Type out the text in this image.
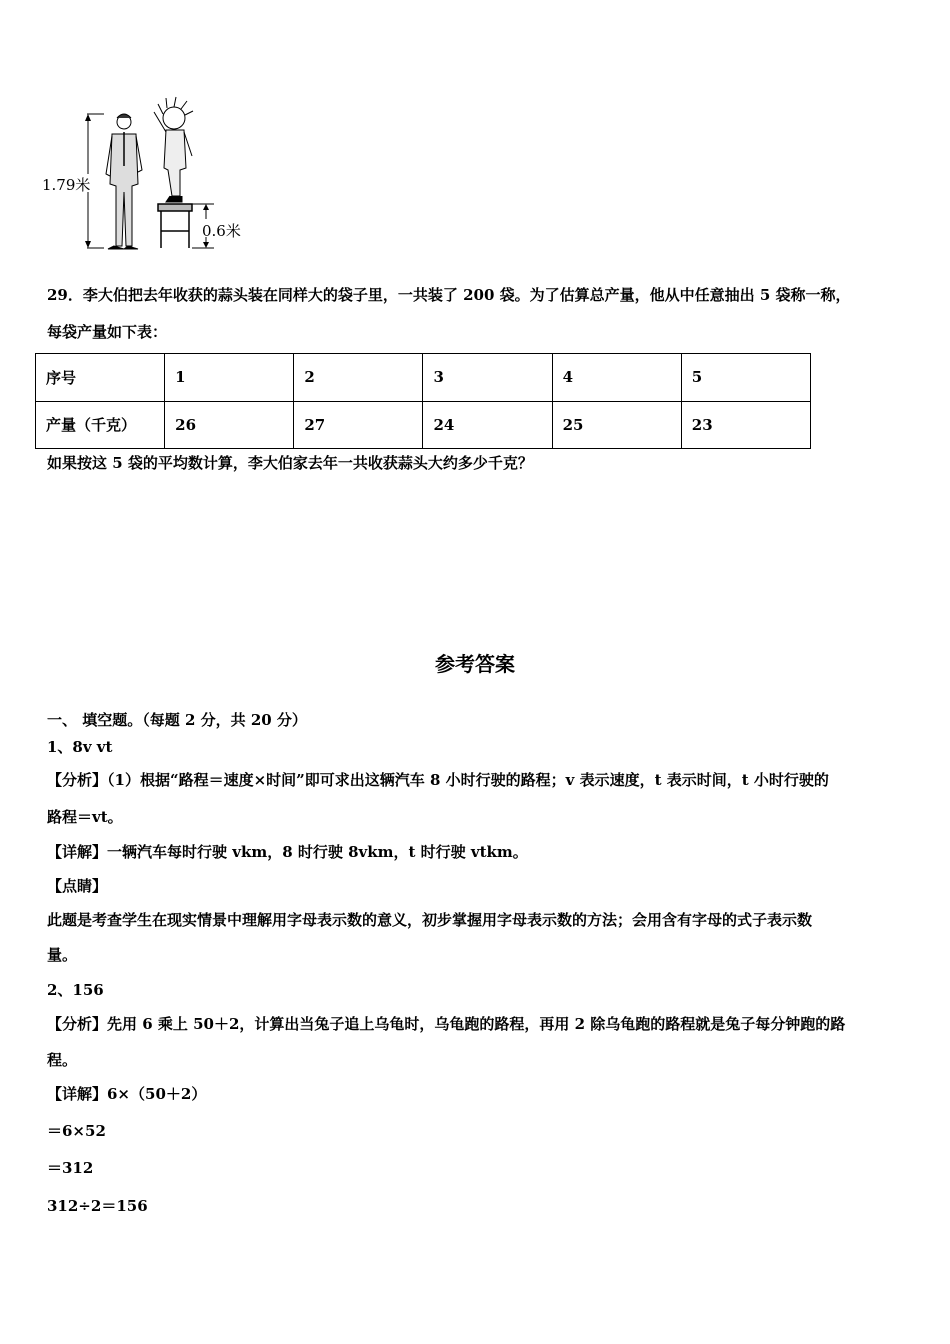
1.79米
0.6米
29．李大伯把去年收获的蒜头装在同样大的袋子里，一共装了 200 袋。为了估算总产量，他从中任意抽出 5 袋称一称，
每袋产量如下表：
序号	1	2	3	4	5
产量（千克）	26	27	24	25	23
如果按这 5 袋的平均数计算，李大伯家去年一共收获蒜头大约多少千克？
参考答案
一、 填空题。（每题 2 分，共 20 分）
1、8v vt
【分析】（1）根据“路程＝速度×时间”即可求出这辆汽车 8 小时行驶的路程；v 表示速度，t 表示时间，t 小时行驶的
路程＝vt。
【详解】一辆汽车每时行驶 vkm，8 时行驶 8vkm，t 时行驶 vtkm。
【点睛】
此题是考查学生在现实情景中理解用字母表示数的意义，初步掌握用字母表示数的方法；会用含有字母的式子表示数
量。
2、156
【分析】先用 6 乘上 50＋2，计算出当兔子追上乌龟时，乌龟跑的路程，再用 2 除乌龟跑的路程就是兔子每分钟跑的路
程。
【详解】6×（50＋2）
＝6×52
＝312
312÷2＝156
